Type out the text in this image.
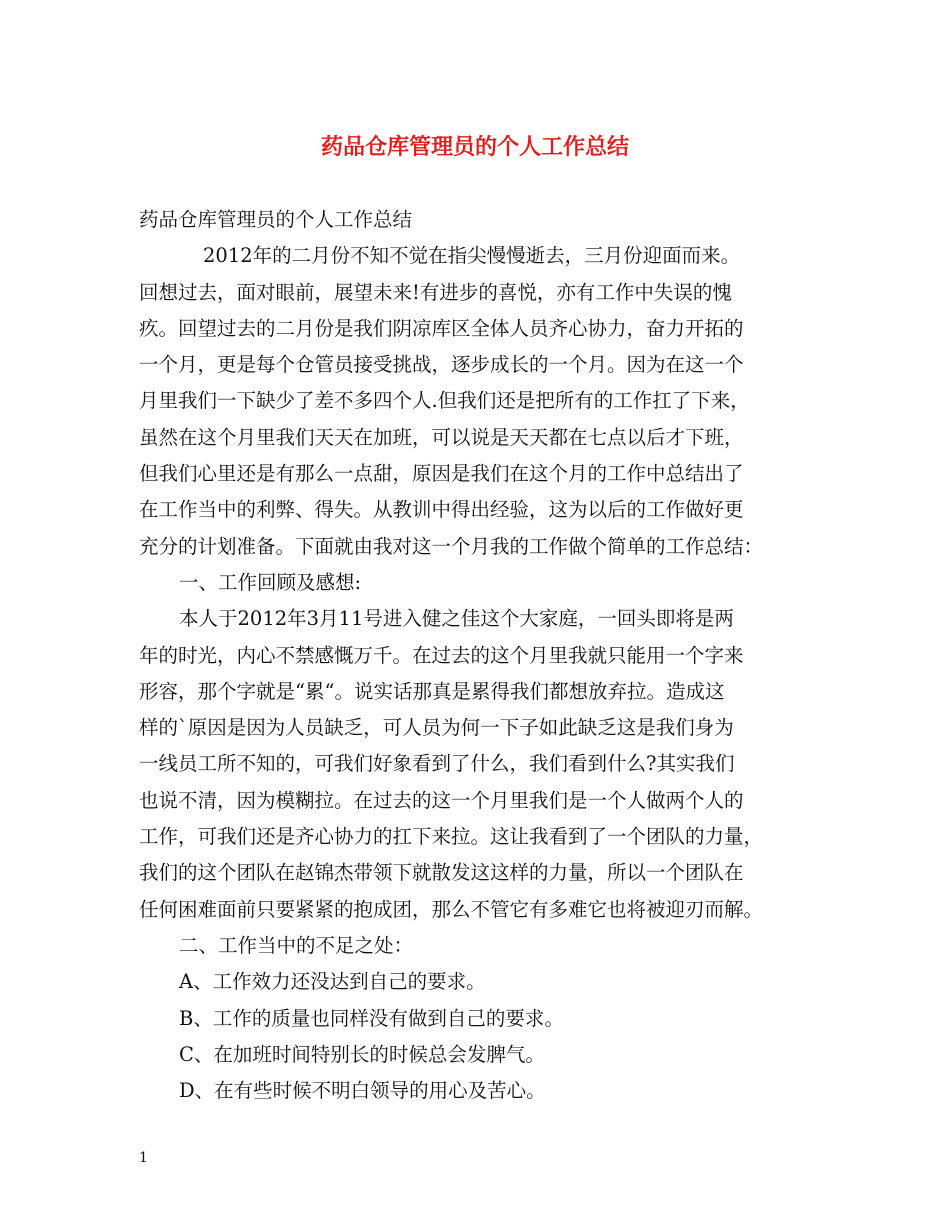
药品仓库管理员的个人工作总结
药品仓库管理员的个人工作总结
2012年的二月份不知不觉在指尖慢慢逝去，三月份迎面而来。
回想过去，面对眼前，展望未来!有进步的喜悦，亦有工作中失误的愧
疚。回望过去的二月份是我们阴凉库区全体人员齐心协力，奋力开拓的
一个月，更是每个仓管员接受挑战，逐步成长的一个月。因为在这一个
月里我们一下缺少了差不多四个人.但我们还是把所有的工作扛了下来，
虽然在这个月里我们天天在加班，可以说是天天都在七点以后才下班，
但我们心里还是有那么一点甜，原因是我们在这个月的工作中总结出了
在工作当中的利弊、得失。从教训中得出经验，这为以后的工作做好更
充分的计划准备。下面就由我对这一个月我的工作做个简单的工作总结：
一、工作回顾及感想:
本人于2012年3月11号进入健之佳这个大家庭，一回头即将是两
年的时光，内心不禁感慨万千。在过去的这个月里我就只能用一个字来
形容，那个字就是“累“。说实话那真是累得我们都想放弃拉。造成这
样的`原因是因为人员缺乏，可人员为何一下子如此缺乏这是我们身为
一线员工所不知的，可我们好象看到了什么，我们看到什么?其实我们
也说不清，因为模糊拉。在过去的这一个月里我们是一个人做两个人的
工作，可我们还是齐心协力的扛下来拉。这让我看到了一个团队的力量，
我们的这个团队在赵锦杰带领下就散发这这样的力量，所以一个团队在
任何困难面前只要紧紧的抱成团，那么不管它有多难它也将被迎刃而解。
二、工作当中的不足之处：
A、工作效力还没达到自己的要求。
B、工作的质量也同样没有做到自己的要求。
C、在加班时间特别长的时候总会发脾气。
D、在有些时候不明白领导的用心及苦心。
1
